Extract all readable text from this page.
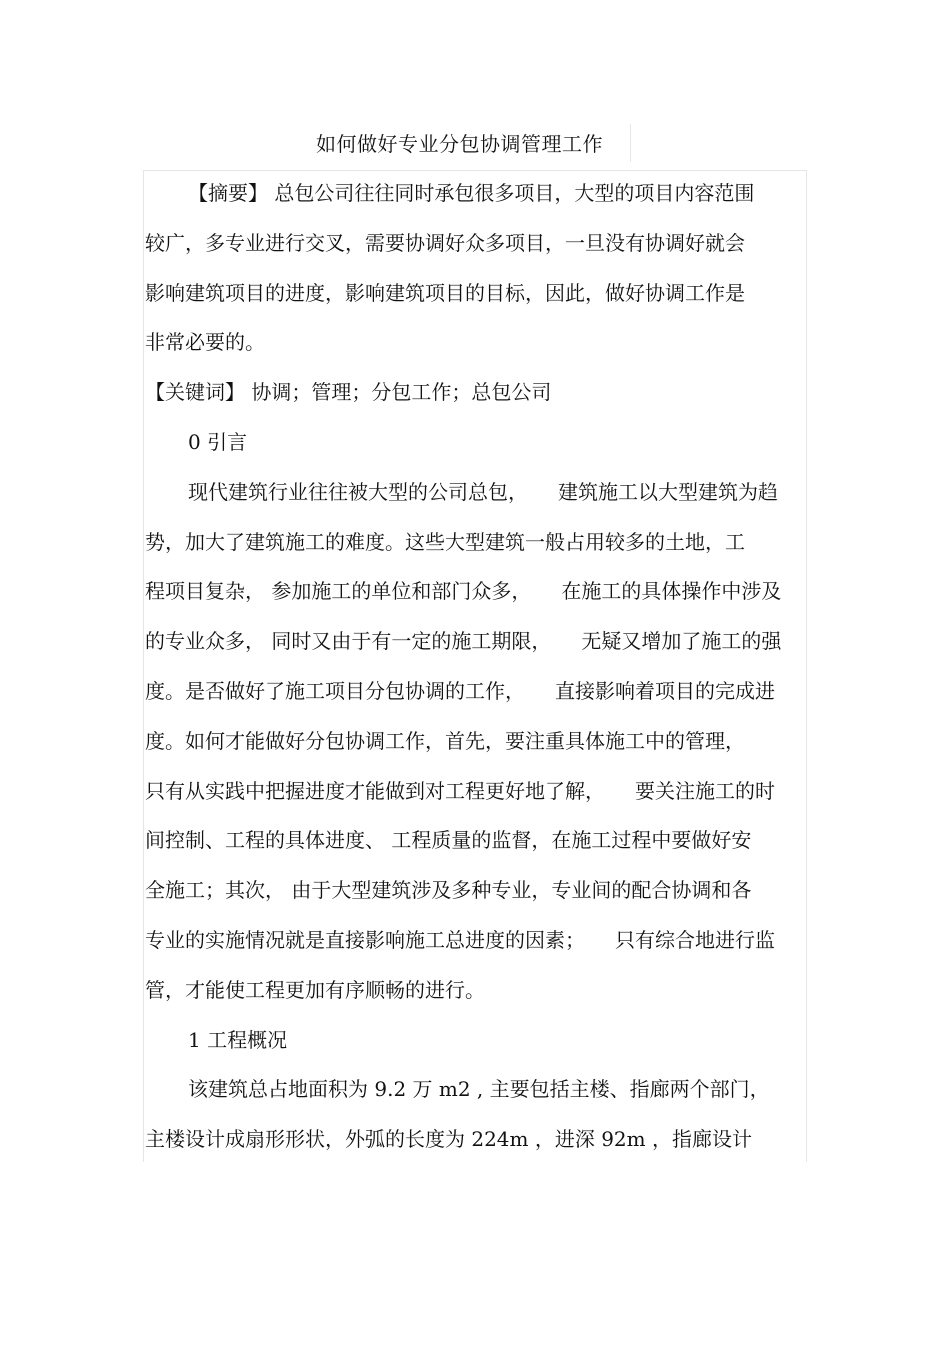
如何做好专业分包协调管理工作
【摘要】 总包公司往往同时承包很多项目，大型的项目内容范围
较广，多专业进行交叉，需要协调好众多项目，一旦没有协调好就会
影响建筑项目的进度，影响建筑项目的目标，因此，做好协调工作是
非常必要的。
【关键词】 协调；管理；分包工作；总包公司
0 引言
现代建筑行业往往被大型的公司总包， 建筑施工以大型建筑为趋
势，加大了建筑施工的难度。这些大型建筑一般占用较多的土地，工
程项目复杂， 参加施工的单位和部门众多， 在施工的具体操作中涉及
的专业众多， 同时又由于有一定的施工期限， 无疑又增加了施工的强
度。是否做好了施工项目分包协调的工作， 直接影响着项目的完成进
度。如何才能做好分包协调工作，首先，要注重具体施工中的管理，
只有从实践中把握进度才能做到对工程更好地了解， 要关注施工的时
间控制、工程的具体进度、 工程质量的监督，在施工过程中要做好安
全施工；其次， 由于大型建筑涉及多种专业，专业间的配合协调和各
专业的实施情况就是直接影响施工总进度的因素； 只有综合地进行监
管，才能使工程更加有序顺畅的进行。
1 工程概况
该建筑总占地面积为 9.2 万 m2 , 主要包括主楼、指廊两个部门，
主楼设计成扇形形状，外弧的长度为 224m ，进深 92m ，指廊设计
